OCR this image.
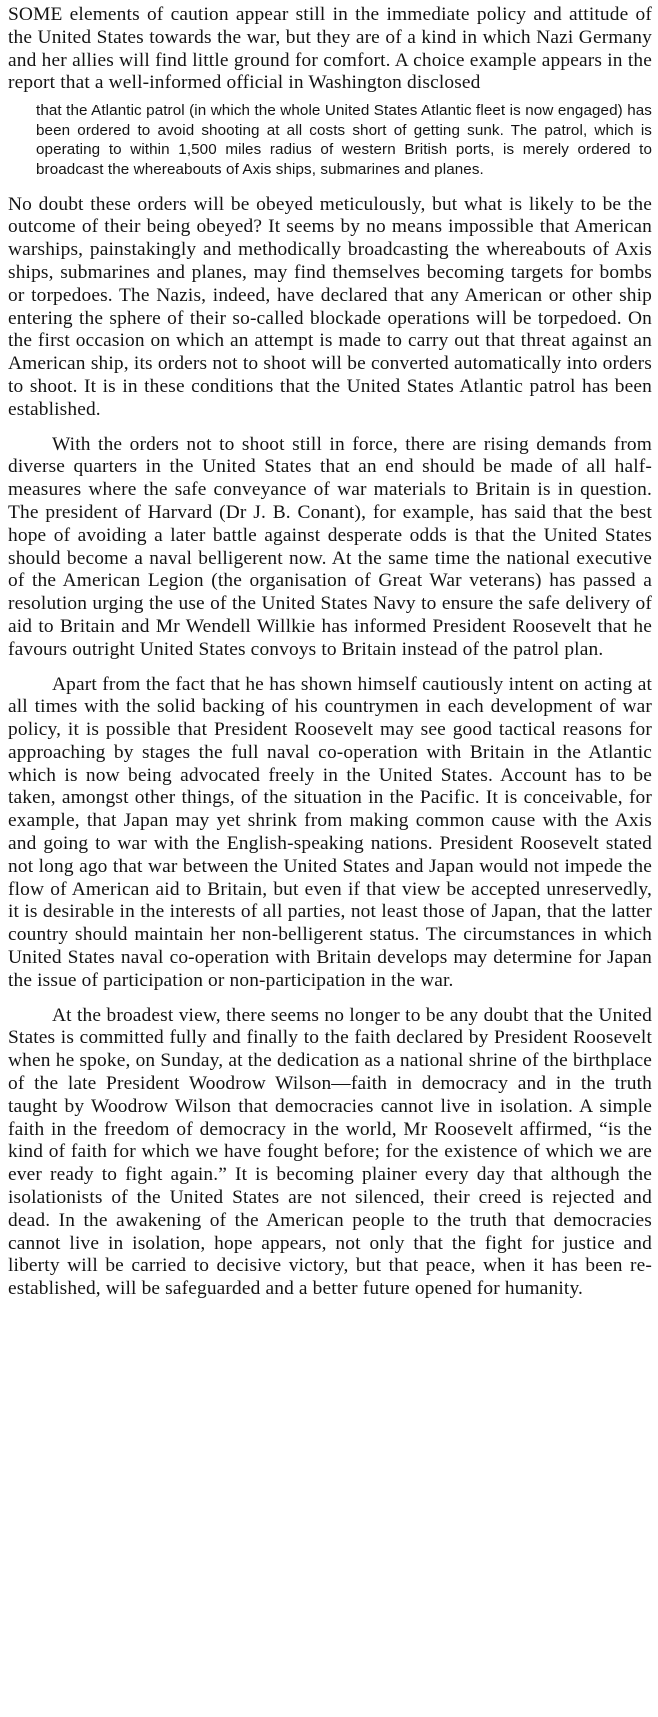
SOME elements of caution appear still in the immediate policy and attitude of the United States towards the war, but they are of a kind in which Nazi Germany and her allies will find little ground for comfort. A choice example appears in the report that a well-informed official in Washington disclosed

that the Atlantic patrol (in which the whole United States Atlantic fleet is now engaged) has been ordered to avoid shooting at all costs short of getting sunk. The patrol, which is operating to within 1,500 miles radius of western British ports, is merely ordered to broadcast the whereabouts of Axis ships, submarines and planes.

No doubt these orders will be obeyed meticulously, but what is likely to be the outcome of their being obeyed? It seems by no means impossible that American warships, painstakingly and methodically broadcasting the whereabouts of Axis ships, submarines and planes, may find themselves becoming targets for bombs or torpedoes. The Nazis, indeed, have declared that any American or other ship entering the sphere of their so-called blockade operations will be torpedoed. On the first occasion on which an attempt is made to carry out that threat against an American ship, its orders not to shoot will be converted automatically into orders to shoot. It is in these conditions that the United States Atlantic patrol has been established.

With the orders not to shoot still in force, there are rising demands from diverse quarters in the United States that an end should be made of all half-measures where the safe conveyance of war materials to Britain is in question. The president of Harvard (Dr J. B. Conant), for example, has said that the best hope of avoiding a later battle against desperate odds is that the United States should become a naval belligerent now. At the same time the national executive of the American Legion (the organisation of Great War veterans) has passed a resolution urging the use of the United States Navy to ensure the safe delivery of aid to Britain and Mr Wendell Willkie has informed President Roosevelt that he favours outright United States convoys to Britain instead of the patrol plan.

Apart from the fact that he has shown himself cautiously intent on acting at all times with the solid backing of his countrymen in each development of war policy, it is possible that President Roosevelt may see good tactical reasons for approaching by stages the full naval co-operation with Britain in the Atlantic which is now being advocated freely in the United States. Account has to be taken, amongst other things, of the situation in the Pacific. It is conceivable, for example, that Japan may yet shrink from making common cause with the Axis and going to war with the English-speaking nations. President Roosevelt stated not long ago that war between the United States and Japan would not impede the flow of American aid to Britain, but even if that view be accepted unreservedly, it is desirable in the interests of all parties, not least those of Japan, that the latter country should maintain her non-belligerent status. The circumstances in which United States naval co-operation with Britain develops may determine for Japan the issue of participation or non-participation in the war.

At the broadest view, there seems no longer to be any doubt that the United States is committed fully and finally to the faith declared by President Roosevelt when he spoke, on Sunday, at the dedication as a national shrine of the birthplace of the late President Woodrow Wilson—faith in democracy and in the truth taught by Woodrow Wilson that democracies cannot live in isolation. A simple faith in the freedom of democracy in the world, Mr Roosevelt affirmed, “is the kind of faith for which we have fought before; for the existence of which we are ever ready to fight again.” It is becoming plainer every day that although the isolationists of the United States are not silenced, their creed is rejected and dead. In the awakening of the American people to the truth that democracies cannot live in isolation, hope appears, not only that the fight for justice and liberty will be carried to decisive victory, but that peace, when it has been re-established, will be safeguarded and a better future opened for humanity.
